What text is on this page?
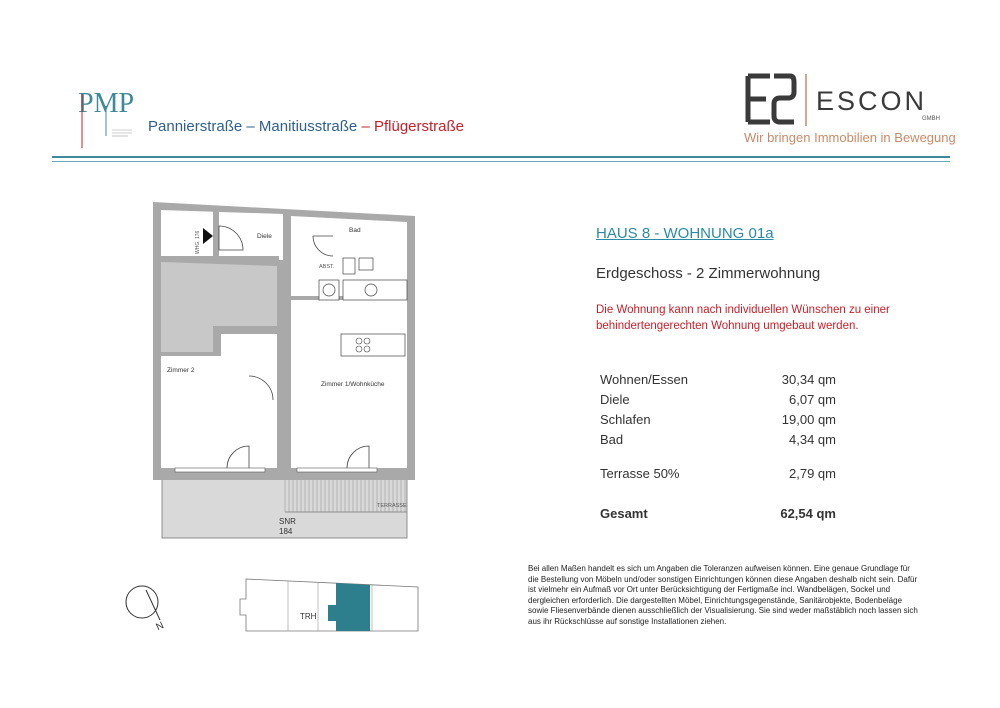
PMP
Pannierstraße – Manitiusstraße – Pflügerstraße
ESCON
GMBH
Wir bringen Immobilien in Bewegung
Diele
Bad
ABST.
WHG. 176
Zimmer 2
Zimmer 1/Wohnküche
TERRASSE
SNR
184
HAUS 8 - WOHNUNG 01a
Erdgeschoss - 2 Zimmerwohnung
Die Wohnung kann nach individuellen Wünschen zu einer behindertengerechten Wohnung umgebaut werden.
Wohnen/Essen	30,34 qm
Diele	6,07 qm
Schlafen	19,00 qm
Bad	4,34 qm
Terrasse 50%	2,79 qm
Gesamt	62,54 qm
N
TRH
Bei allen Maßen handelt es sich um Angaben die Toleranzen aufweisen können. Eine genaue Grundlage für die Bestellung von Möbeln und/oder sonstigen Einrichtungen können diese Angaben deshalb nicht sein. Dafür ist vielmehr ein Aufmaß vor Ort unter Berücksichtigung der Fertigmaße incl. Wandbelägen, Sockel und dergleichen erforderlich. Die dargestellten Möbel, Einrichtungsgegenstände, Sanitärobjekte, Bodenbeläge sowie Fliesenverbände dienen ausschließlich der Visualisierung. Sie sind weder maßstäblich noch lassen sich aus ihr Rückschlüsse auf sonstige Installationen ziehen.
